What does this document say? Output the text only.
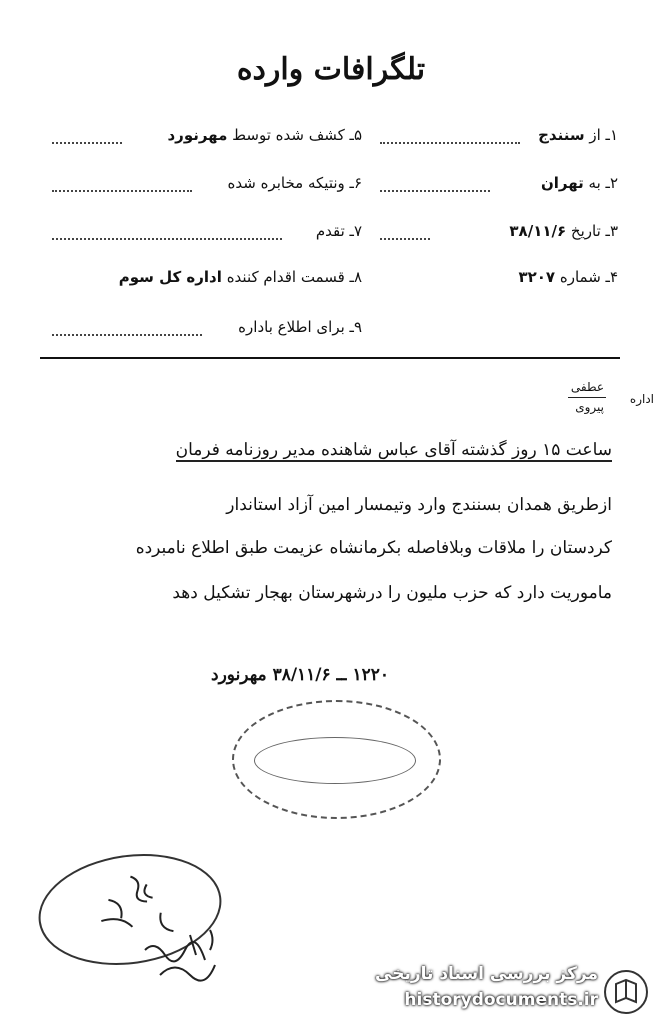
تلگرافات وارده
۱ـ از سنندج
۲ـ به تهران
۳ـ تاریخ ۳۸/۱۱/۶
۴ـ شماره ۳۲۰۷
۵ـ کشف شده توسط مهرنورد
۶ـ ونتیکه مخابره شده
۷ـ تقدم
۸ـ قسمت اقدام کننده اداره کل سوم
۹ـ برای اطلاع باداره
اداره
عطفی
پیروی
ساعت ۱۵ روز گذشته آقای عباس شاهنده مدیر روزنامه فرمان
ازطریق همدان بسنندج وارد وتیمسار امین آزاد استاندار
کردستان را ملاقات وبلافاصله بکرمانشاه عزیمت طبق اطلاع نامبرده
ماموریت دارد که حزب ملیون را درشهرستان بهجار تشکیل دهد
۱۲۲۰ ــ ۳۸/۱۱/۶ مهرنورد
مرکز بررسی اسناد تاریخی
historydocuments.ir
